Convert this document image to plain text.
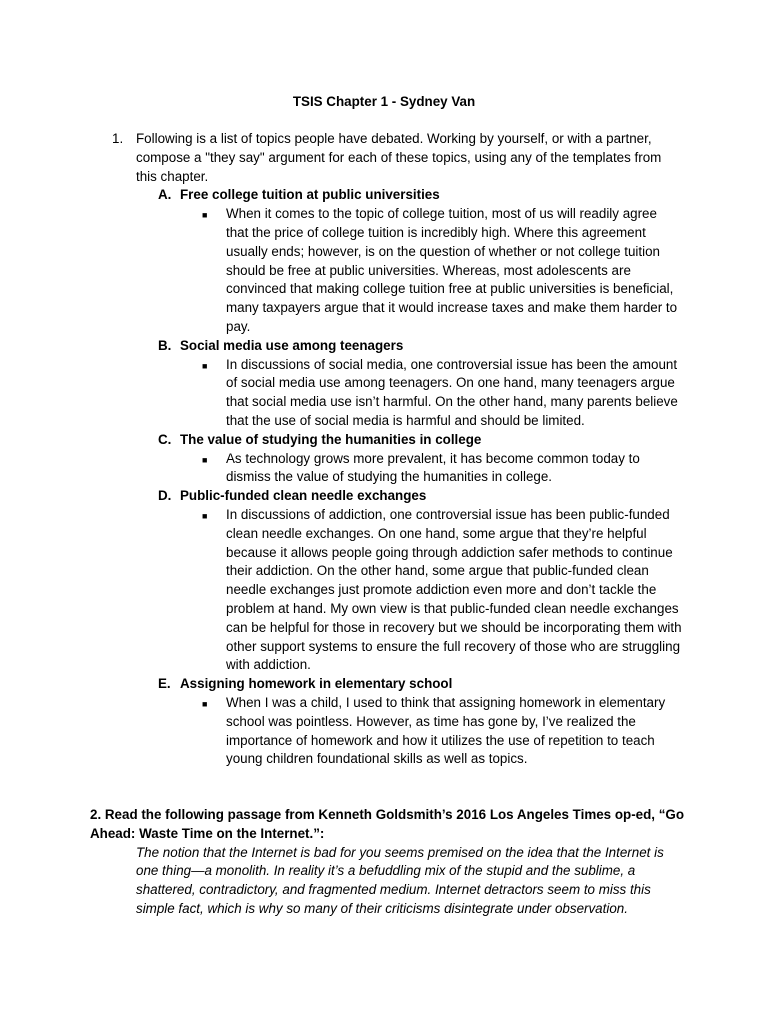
TSIS Chapter 1 - Sydney Van
1. Following is a list of topics people have debated. Working by yourself, or with a partner, compose a "they say" argument for each of these topics, using any of the templates from this chapter.
A. Free college tuition at public universities
■	When it comes to the topic of college tuition, most of us will readily agree that the price of college tuition is incredibly high. Where this agreement usually ends; however, is on the question of whether or not college tuition should be free at public universities. Whereas, most adolescents are convinced that making college tuition free at public universities is beneficial, many taxpayers argue that it would increase taxes and make them harder to pay.
B. Social media use among teenagers
■	In discussions of social media, one controversial issue has been the amount of social media use among teenagers. On one hand, many teenagers argue that social media use isn’t harmful. On the other hand, many parents believe that the use of social media is harmful and should be limited.
C. The value of studying the humanities in college
■	As technology grows more prevalent, it has become common today to dismiss the value of studying the humanities in college.
D. Public-funded clean needle exchanges
■	In discussions of addiction, one controversial issue has been public-funded clean needle exchanges. On one hand, some argue that they’re helpful because it allows people going through addiction safer methods to continue their addiction. On the other hand, some argue that public-funded clean needle exchanges just promote addiction even more and don’t tackle the problem at hand. My own view is that public-funded clean needle exchanges can be helpful for those in recovery but we should be incorporating them with other support systems to ensure the full recovery of those who are struggling with addiction.
E. Assigning homework in elementary school
■	When I was a child, I used to think that assigning homework in elementary school was pointless. However, as time has gone by, I’ve realized the importance of homework and how it utilizes the use of repetition to teach young children foundational skills as well as topics.
2. Read the following passage from Kenneth Goldsmith’s 2016 Los Angeles Times op-ed, “Go Ahead: Waste Time on the Internet.”:
The notion that the Internet is bad for you seems premised on the idea that the Internet is one thing—a monolith. In reality it’s a befuddling mix of the stupid and the sublime, a shattered, contradictory, and fragmented medium. Internet detractors seem to miss this simple fact, which is why so many of their criticisms disintegrate under observation.
